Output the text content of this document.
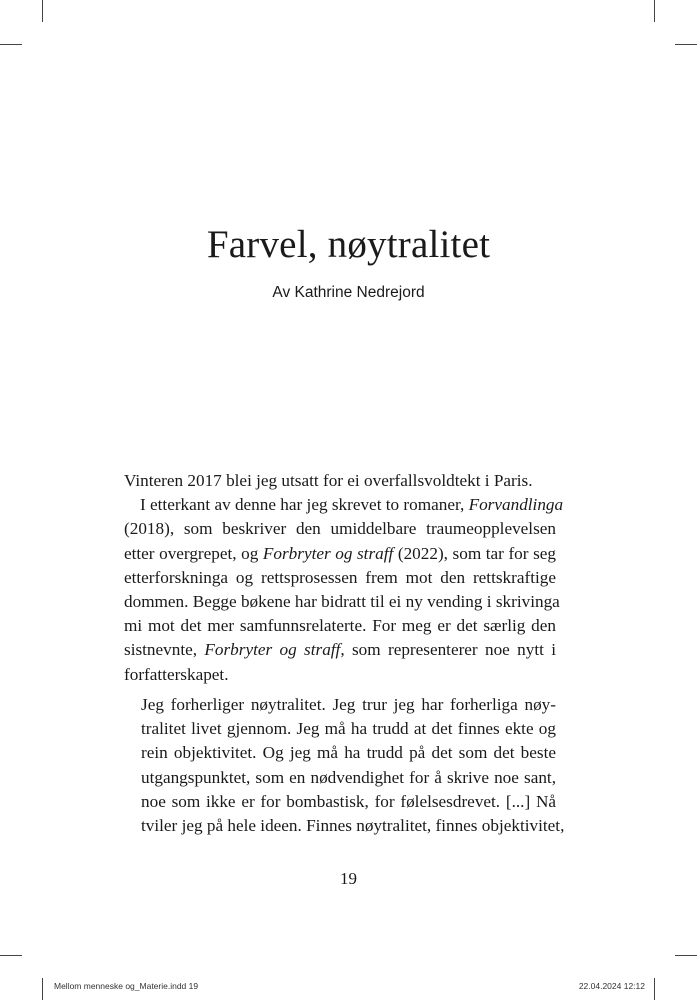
Farvel, nøytralitet
Av Kathrine Nedrejord
Vinteren 2017 blei jeg utsatt for ei overfallsvoldtekt i Paris.
I etterkant av denne har jeg skrevet to romaner, Forvandlinga
(2018), som beskriver den umiddelbare traumeopplevelsen
etter overgrepet, og Forbryter og straff (2022), som tar for seg
etterforskninga og rettsprosessen frem mot den rettskraftige
dommen. Begge bøkene har bidratt til ei ny vending i skrivinga
mi mot det mer samfunnsrelaterte. For meg er det særlig den
sistnevnte, Forbryter og straff, som representerer noe nytt i
forfatterskapet.
Jeg forherliger nøytralitet. Jeg trur jeg har forherliga nøy-
tralitet livet gjennom. Jeg må ha trudd at det finnes ekte og
rein objektivitet. Og jeg må ha trudd på det som det beste
utgangspunktet, som en nødvendighet for å skrive noe sant,
noe som ikke er for bombastisk, for følelsesdrevet. [...] Nå
tviler jeg på hele ideen. Finnes nøytralitet, finnes objektivitet,
19
Mellom menneske og_Materie.indd 19	22.04.2024 12:12
